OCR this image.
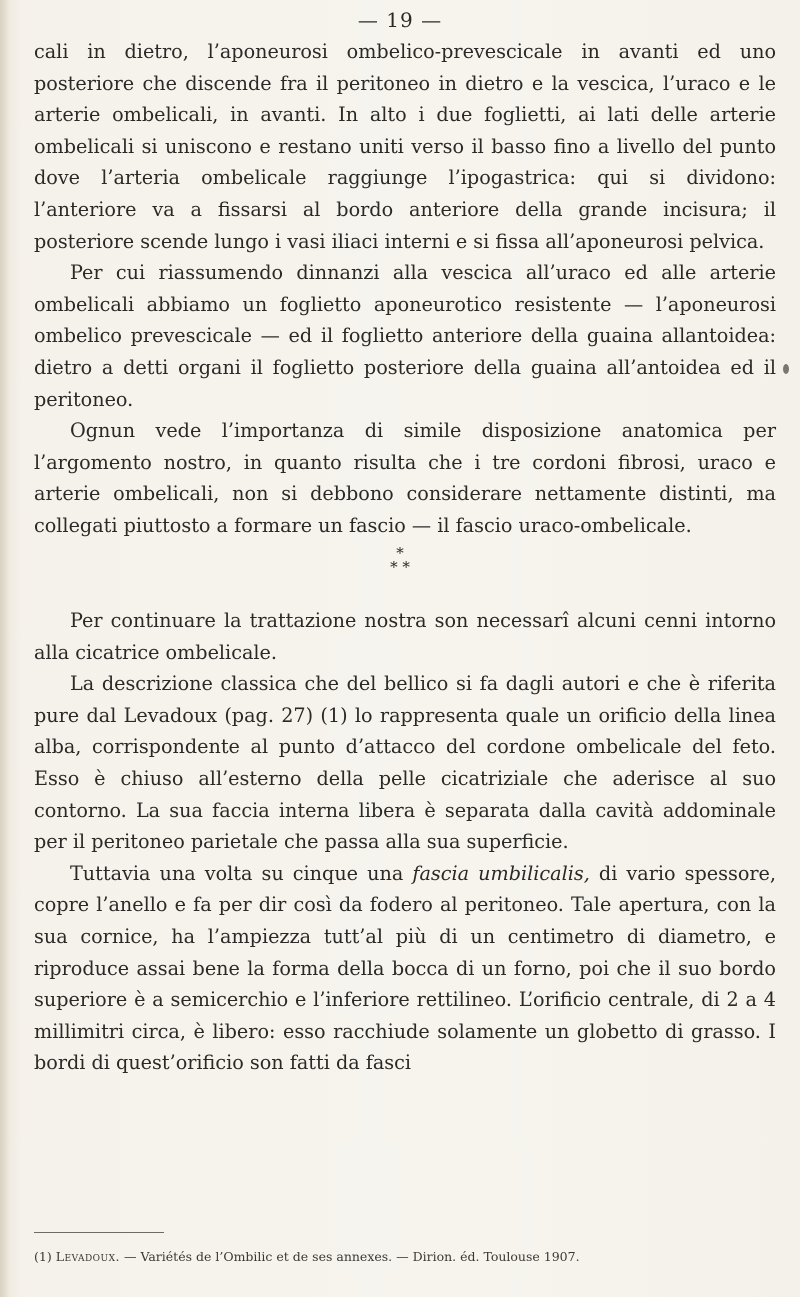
— 19 —

cali in dietro, l’aponeurosi ombelico-prevescicale in avanti ed uno posteriore che discende fra il peritoneo in dietro e la vescica, l’uraco e le arterie ombelicali, in avanti. In alto i due foglietti, ai lati delle arterie ombelicali si uniscono e restano uniti verso il basso fino a livello del punto dove l’arteria ombelicale raggiunge l’ipogastrica: qui si dividono: l’anteriore va a fissarsi al bordo anteriore della grande incisura; il posteriore scende lungo i vasi iliaci interni e si fissa all’aponeurosi pelvica.

Per cui riassumendo dinnanzi alla vescica all’uraco ed alle arterie ombelicali abbiamo un foglietto aponeurotico resistente — l’aponeurosi ombelico prevescicale — ed il foglietto anteriore della guaina allantoidea: dietro a detti organi il foglietto posteriore della guaina all’antoidea ed il peritoneo.

Ognun vede l’importanza di simile disposizione anatomica per l’argomento nostro, in quanto risulta che i tre cordoni fibrosi, uraco e arterie ombelicali, non si debbono considerare nettamente distinti, ma collegati piuttosto a formare un fascio — il fascio uraco-ombelicale.

*
* *

Per continuare la trattazione nostra son necessarî alcuni cenni intorno alla cicatrice ombelicale.

La descrizione classica che del bellico si fa dagli autori e che è riferita pure dal Levadoux (pag. 27) (1) lo rappresenta quale un orificio della linea alba, corrispondente al punto d’attacco del cordone ombelicale del feto. Esso è chiuso all’esterno della pelle cicatriziale che aderisce al suo contorno. La sua faccia interna libera è separata dalla cavità addominale per il peritoneo parietale che passa alla sua superficie.

Tuttavia una volta su cinque una fascia umbilicalis, di vario spessore, copre l’anello e fa per dir così da fodero al peritoneo. Tale apertura, con la sua cornice, ha l’ampiezza tutt’al più di un centimetro di diametro, e riproduce assai bene la forma della bocca di un forno, poi che il suo bordo superiore è a semicerchio e l’inferiore rettilineo. L’orificio centrale, di 2 a 4 millimitri circa, è libero: esso racchiude solamente un globetto di grasso. I bordi di quest’orificio son fatti da fasci

(1) Levadoux. — Variétés de l’Ombilic et de ses annexes. — Dirion. éd. Toulouse 1907.
